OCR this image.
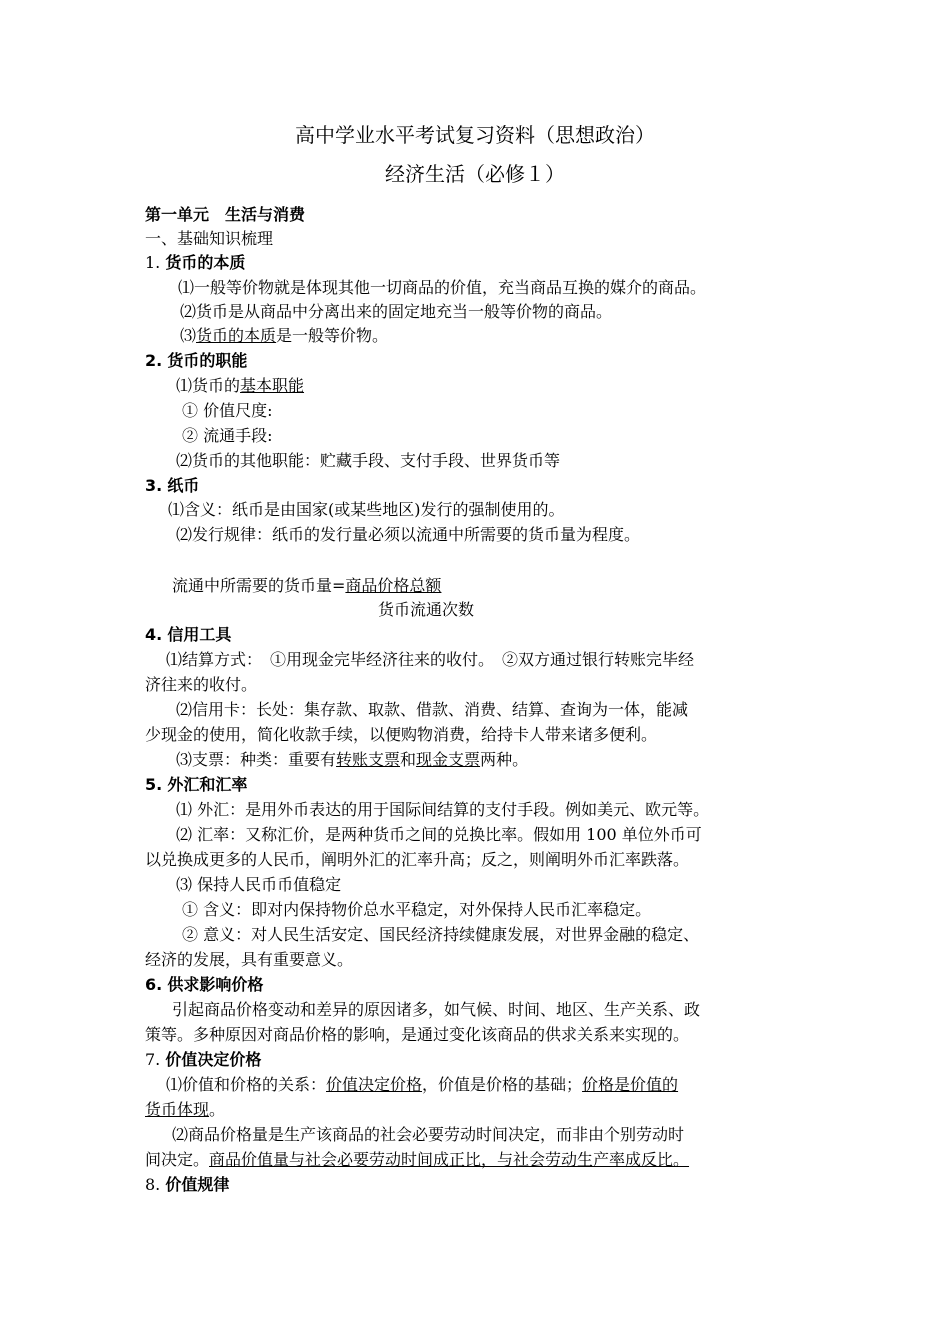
高中学业水平考试复习资料（思想政治）
经济生活（必修１）
第一单元　生活与消费
一、基础知识梳理
1. 货币的本质
⑴一般等价物就是体现其他一切商品的价值，充当商品互换的媒介的商品。
⑵货币是从商品中分离出来的固定地充当一般等价物的商品。
⑶货币的本质是一般等价物。
2. 货币的职能
⑴货币的基本职能
① 价值尺度:
② 流通手段:
⑵货币的其他职能：贮藏手段、支付手段、世界货币等
3. 纸币
⑴含义：纸币是由国家(或某些地区)发行的强制使用的。
⑵发行规律：纸币的发行量必须以流通中所需要的货币量为程度。
流通中所需要的货币量=商品价格总额
货币流通次数
4. 信用工具
⑴结算方式：　①用现金完毕经济往来的收付。　②双方通过银行转账完毕经
济往来的收付。
⑵信用卡：长处：集存款、取款、借款、消费、结算、查询为一体，能减
少现金的使用，简化收款手续，以便购物消费，给持卡人带来诸多便利。
⑶支票：种类：重要有转账支票和现金支票两种。
5. 外汇和汇率
⑴ 外汇：是用外币表达的用于国际间结算的支付手段。例如美元、欧元等。
⑵ 汇率：又称汇价，是两种货币之间的兑换比率。假如用 100 单位外币可
以兑换成更多的人民币，阐明外汇的汇率升高；反之，则阐明外币汇率跌落。
⑶ 保持人民币币值稳定
① 含义：即对内保持物价总水平稳定，对外保持人民币汇率稳定。
② 意义：对人民生活安定、国民经济持续健康发展，对世界金融的稳定、
经济的发展，具有重要意义。
6. 供求影响价格
引起商品价格变动和差异的原因诸多，如气候、时间、地区、生产关系、政
策等。多种原因对商品价格的影响，是通过变化该商品的供求关系来实现的。
7. 价值决定价格
⑴价值和价格的关系：价值决定价格，价值是价格的基础；价格是价值的
货币体现。
⑵商品价格量是生产该商品的社会必要劳动时间决定，而非由个别劳动时
间决定。商品价值量与社会必要劳动时间成正比，与社会劳动生产率成反比。
8. 价值规律
